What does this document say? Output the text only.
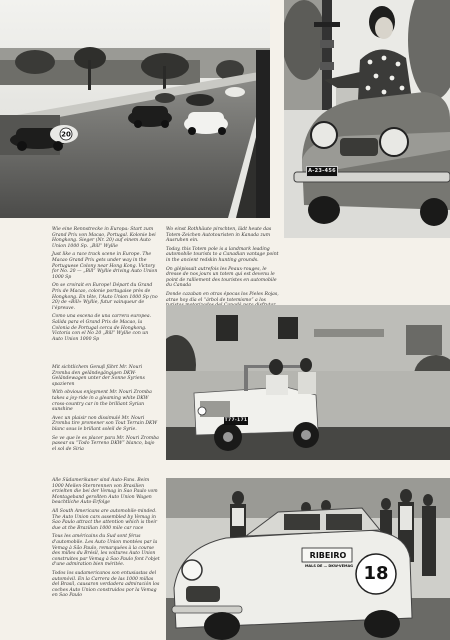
20
A-23-456

Wie eine Rennstrecke in Europa: Start zum Grand Prix von Macao, Portugal. Kolonie bei Hongkong. Sieger (Nr. 20) auf einem Auto Union 1000 Sp. „Bill“ Wyllie

Just like a race track scene in Europe. The Macao Grand Prix gets under way in the Portuguese Colony near Hong Kong. Victory for No. 20 — „Bill“ Wyllie driving Auto Union 1000 Sp

On se croirait en Europe! Départ du Grand Prix de Macao, colonie portugaise près de Hongkong. En tête, l'Auto Union 1000 Sp (no 20) de «Bill» Wyllie, futur vainqueur de l'épreuve.

Como una escena de una carrera europea. Salida para el Grand Prix de Macao, la Colonia de Portugal cerca de Hongkong. Victoria con el No 20 „Bill“ Wyllie con un Auto Union 1000 Sp

Wo einst Rothhäute pirschten, lädt heute das Totem-Zeichen Autotouristen in Kanada zum Ausruhen ein.

Today, this Totem pole is a landmark leading automobile tourists to a Canadian vantage point in the ancient redskin hunting grounds.

On glépissait autrefois les Peaux-rouges, le dresse de nos jours un totem qui est devenu le point de ralliement des touristes en automobile du Canada

Donde cazaban en otras épocas los Pieles Rojas, atrae hoy día el “árbol de totemismo” a los

T77-171

Mit sichtlichem Genuß fährt Mr. Nouri Zromba den geländegängigen DKW-Geländewagen unter der Sonne Syriens spazieren

With obvious enjoyment Mr. Nouri Zromba takes a joy-ride in a gleaming white DKW cross-country car in the brilliant Syrian sunshine

Avec un plaisir non dissimulé Mr. Nouri Zromba tire promener son Tout Terrain DKW blanc sous le brillant soleil de Syrie.

Se ve que le es placer para Mr. Nouri Zromba pasear su “Todo Terreno DKW” blanco, bajo el sol de Siria

RIBEIRO
MALS DE … DKW-VEMAG 18

Alle Südamerikaner sind Auto-Fans. Beim 1000 Meilen-Sternrennen von Brasilien erzielten die bei der Vemag in Sao Paulo vom Montageband gerollten Auto Union Wagen beachtliche Auto-Erfolge

All South Americans are automobile-minded. The Auto Union cars assembled by Vemag in Sao Paulo attract the attention which is their due at the Brazilian 1000 mile car race

Tous les américains du Sud sont férus d'automobile. Les Auto Union montées par la Vemag à São Paulo, remarquées à la course des milles du Brésil, les voitures Auto Union construites par Vemag à Sao Paulo font l'objet d'une admiration bien méritée.

Todos los sudamericanos son entusiastas del automóvil. En la Carrera de las 1000 millas del Brasil, causaron verdadera admiración los coches Auto Union construidos por la Vemag en Sao Paulo
